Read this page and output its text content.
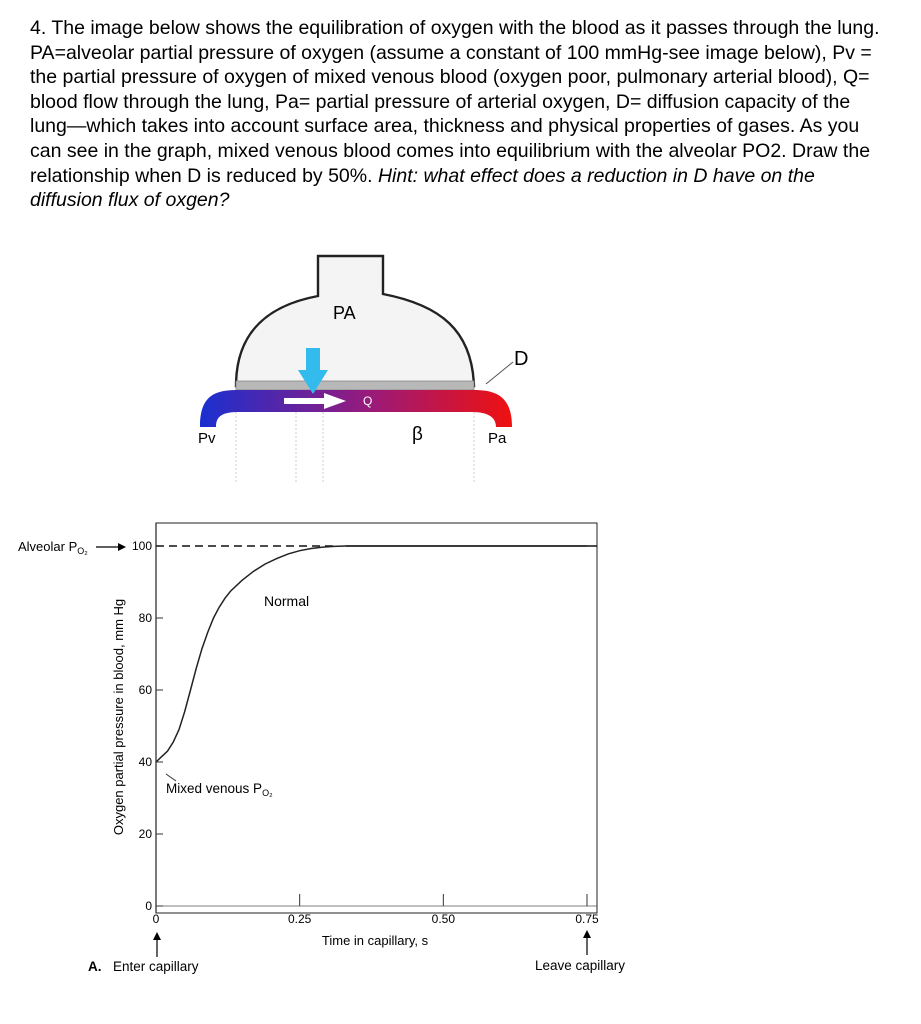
4. The image below shows the equilibration of oxygen with the blood as it passes through the lung. PA=alveolar partial pressure of oxygen (assume a constant of 100 mmHg-see image below), Pv = the partial pressure of oxygen of mixed venous blood (oxygen poor, pulmonary arterial blood), Q= blood flow through the lung, Pa= partial pressure of arterial oxygen, D= diffusion capacity of the lung—which takes into account surface area, thickness and physical properties of gases. As you can see in the graph, mixed venous blood comes into equilibrium with the alveolar PO2. Draw the relationship when D is reduced by 50%. Hint: what effect does a reduction in D have on the diffusion flux of oxgen?
PA
Q
D
β
Pv	Pa
0
20
40
60
80
100
0	0.25	0.50	0.75
Alveolar $P_{O_2}$
Normal
Mixed venous $P_{O_2}$
Oxygen partial pressure in blood, mm Hg
Time in capillary, s
A. Enter capillary	Leave capillary
